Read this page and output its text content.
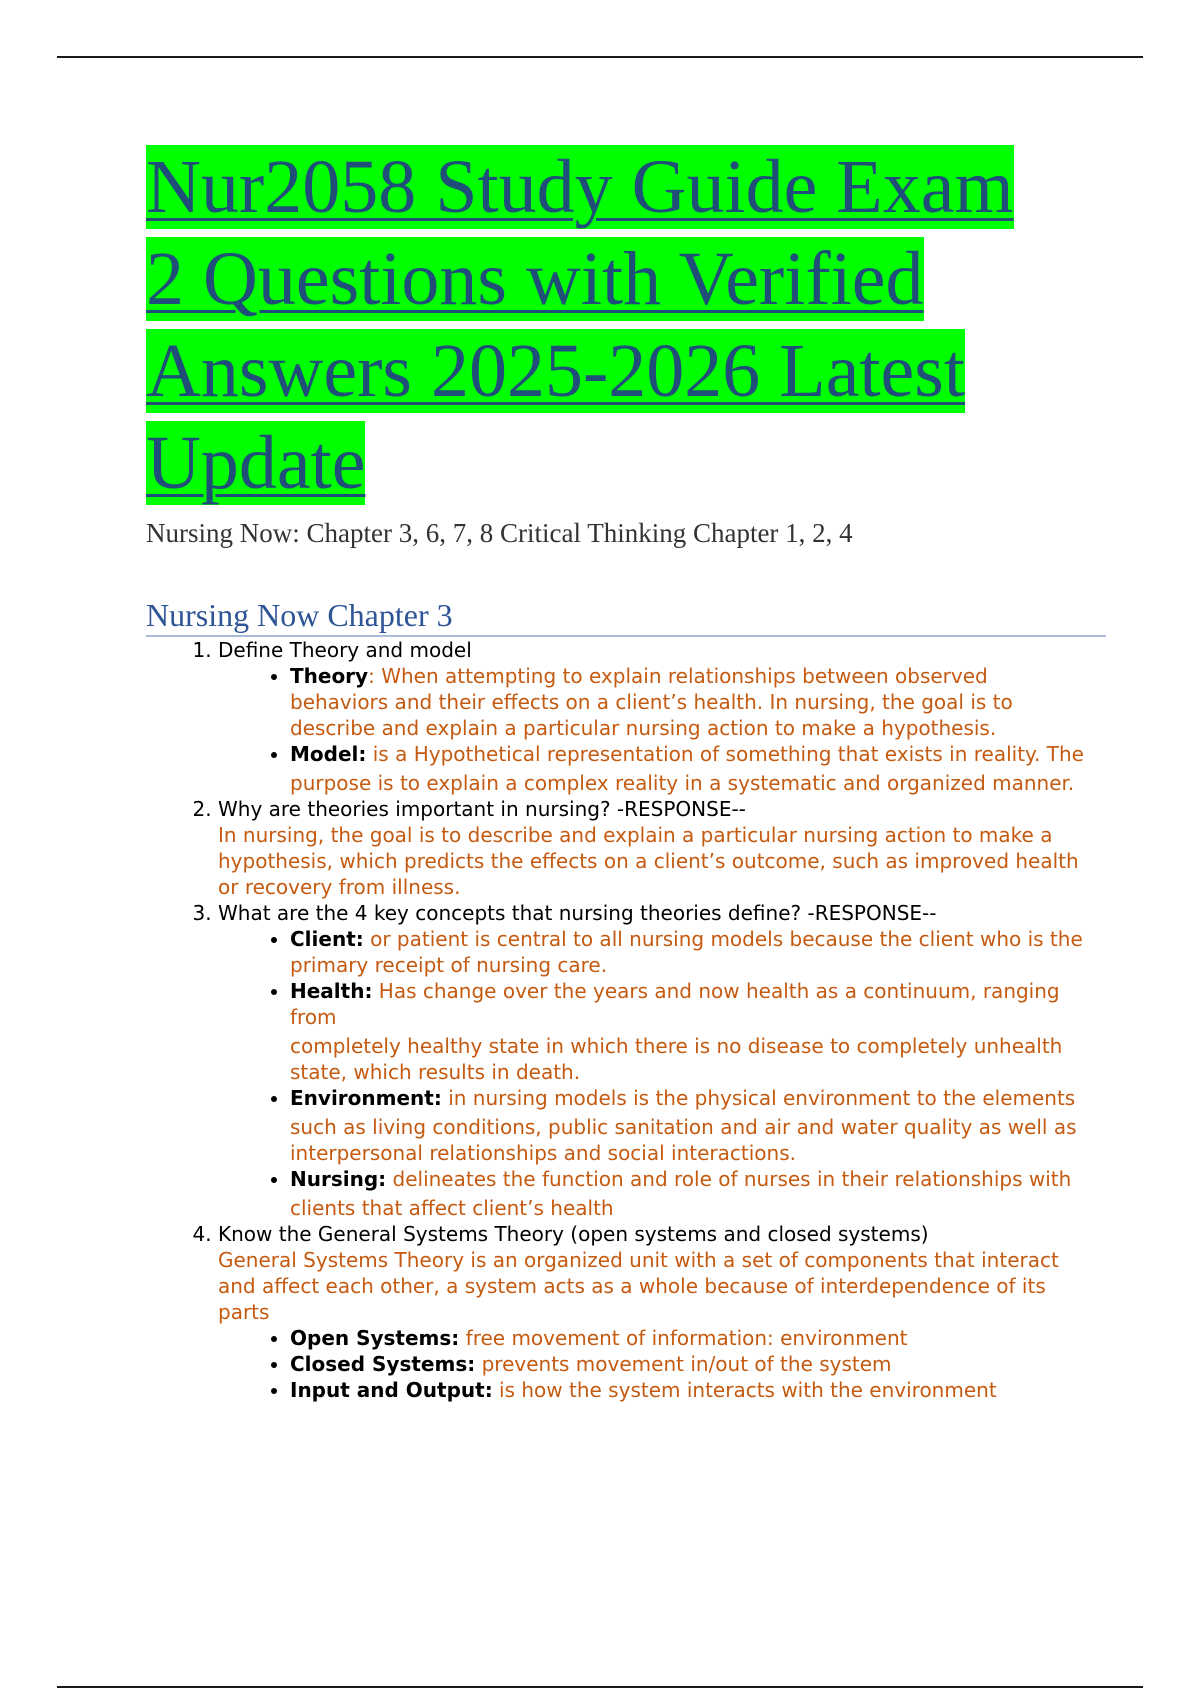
Nur2058 Study Guide Exam
2 Questions with Verified
Answers 2025-2026 Latest
Update

Nursing Now: Chapter 3, 6, 7, 8 Critical Thinking Chapter 1, 2, 4

Nursing Now Chapter 3
1. Define Theory and model
• Theory: When attempting to explain relationships between observed behaviors and their effects on a client’s health. In nursing, the goal is to describe and explain a particular nursing action to make a hypothesis.
• Model: is a Hypothetical representation of something that exists in reality. The
purpose is to explain a complex reality in a systematic and organized manner.
2. Why are theories important in nursing? -RESPONSE--
In nursing, the goal is to describe and explain a particular nursing action to make a hypothesis, which predicts the effects on a client’s outcome, such as improved health or recovery from illness.
3. What are the 4 key concepts that nursing theories define? -RESPONSE--
• Client: or patient is central to all nursing models because the client who is the primary receipt of nursing care.
• Health: Has change over the years and now health as a continuum, ranging from
completely healthy state in which there is no disease to completely unhealth state, which results in death.
• Environment: in nursing models is the physical environment to the elements
such as living conditions, public sanitation and air and water quality as well as interpersonal relationships and social interactions.
• Nursing: delineates the function and role of nurses in their relationships with
clients that affect client’s health
4. Know the General Systems Theory (open systems and closed systems)
General Systems Theory is an organized unit with a set of components that interact and affect each other, a system acts as a whole because of interdependence of its parts
• Open Systems: free movement of information: environment
• Closed Systems: prevents movement in/out of the system
• Input and Output: is how the system interacts with the environment
